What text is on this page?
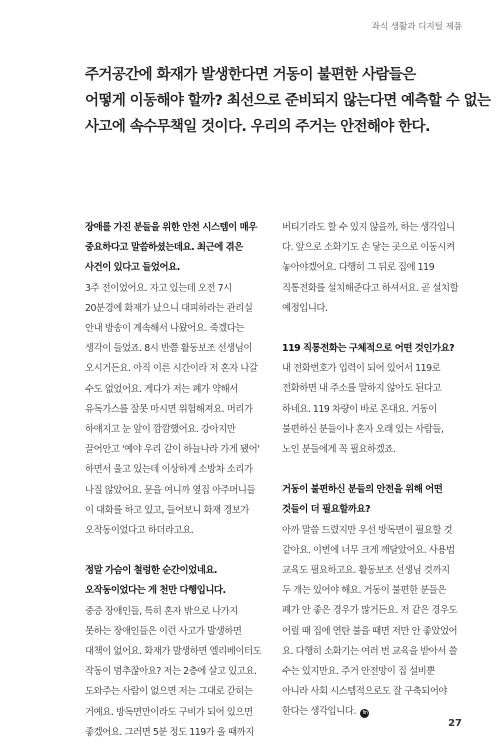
좌식 생활과 디지털 제품

주거공간에 화재가 발생한다면 거동이 불편한 사람들은

어떻게 이동해야 할까? 최선으로 준비되지 않는다면 예측할 수 없는

사고에 속수무책일 것이다. 우리의 주거는 안전해야 한다.

장애를 가진 분들을 위한 안전 시스템이 매우

중요하다고 말씀하셨는데요. 최근에 겪은

사건이 있다고 들었어요.

3주 전이었어요. 자고 있는데 오전 7시

20분경에 화재가 났으니 대피하라는 관리실

안내 방송이 계속해서 나왔어요. 죽겠다는

생각이 들었죠. 8시 반쯤 활동보조 선생님이

오시거든요. 아직 이른 시간이라 저 혼자 나갈

수도 없었어요. 게다가 저는 폐가 약해서

유독가스를 잘못 마시면 위험해져요. 머리가

하얘지고 눈 앞이 깜깜했어요. 강아지만

끌어안고 '예야 우리 같이 하늘나라 가게 됐어'

하면서 울고 있는데 이상하게 소방차 소리가

나질 않았어요. 문을 여니까 옆집 아주머니들

이 대화를 하고 있고, 들어보니 화재 경보가

오작동이었다고 하더라고요.

정말 가슴이 철렁한 순간이었네요.

오작동이었다는 게 천만 다행입니다.

중증 장애인들, 특히 혼자 밖으로 나가지

못하는 장애인들은 이런 사고가 발생하면

대책이 없어요. 화재가 발생하면 엘리베이터도

작동이 멈추잖아요? 저는 2층에 살고 있고요.

도와주는 사람이 없으면 저는 그대로 갇히는

거예요. 방독면만이라도 구비가 되어 있으면

좋겠어요. 그러면 5분 정도 119가 올 때까지

버티기라도 할 수 있지 않을까, 하는 생각입니

다. 앞으로 소화기도 손 닿는 곳으로 이동시켜

놓아야겠어요. 다행히 그 뒤로 집에 119

직통전화를 설치해준다고 하셔서요. 곧 설치할

예정입니다.

119 직통전화는 구체적으로 어떤 것인가요?

내 전화번호가 입력이 되어 있어서 119로

전화하면 내 주소를 말하지 않아도 된다고

하네요. 119 차량이 바로 온대요. 거동이

불편하신 분들이나 혼자 오래 있는 사람들,

노인 분들에게 꼭 필요하겠죠.

거동이 불편하신 분들의 안전을 위해 어떤

것들이 더 필요할까요?

아까 말씀 드렸지만 우선 방독면이 필요할 것

같아요. 이번에 너무 크게 깨달았어요. 사용법

교육도 필요하고요. 활동보조 선생님 것까지

두 개는 있어야 해요. 거동이 불편한 분들은

폐가 안 좋은 경우가 많거든요. 저 같은 경우도

어릴 때 집에 연탄 불을 때면 저만 안 좋았었어

요. 다행히 소화기는 여러 번 교육을 받아서 쓸

수는 있지만요. 주거 안전망이 집 설비뿐

아니라 사회 시스템적으로도 잘 구축되어야

한다는 생각입니다. fin

27
